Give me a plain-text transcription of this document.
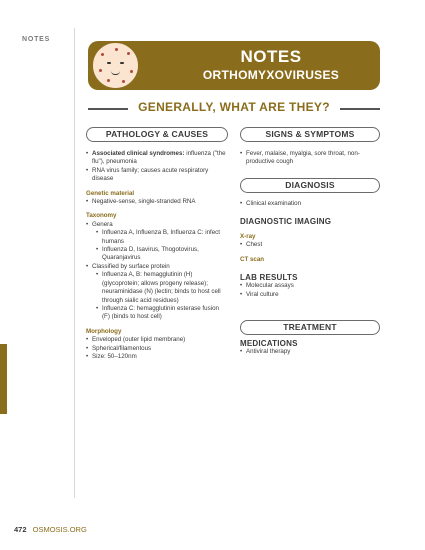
NOTES
NOTES
ORTHOMYXOVIRUSES
GENERALLY, WHAT ARE THEY?
PATHOLOGY & CAUSES	SIGNS & SYMPTOMS
• Associated clinical syndromes: influenza ("the flu"), pneumonia
• RNA virus family; causes acute respiratory disease
Genetic material
• Negative-sense, single-stranded RNA
Taxonomy
• Genera
• Influenza A, Influenza B, Influenza C: infect humans
• Influenza D, Isavirus, Thogotovirus, Quaranjavirus
• Classified by surface protein
• Influenza A, B: hemagglutinin (H) (glycoprotein; allows progeny release); neuraminidase (N) (lectin; binds to host cell through sialic acid residues)
• Influenza C: hemagglutinin esterase fusion (F) (binds to host cell)
Morphology
• Enveloped (outer lipid membrane)
• Spherical/filamentous
• Size: 50–120nm
• Fever, malaise, myalgia, sore throat, non-productive cough
DIAGNOSIS
• Clinical examination
DIAGNOSTIC IMAGING
X-ray
• Chest
CT scan
LAB RESULTS
• Molecular assays
• Viral culture
TREATMENT
MEDICATIONS
• Antiviral therapy
472 OSMOSIS.ORG
